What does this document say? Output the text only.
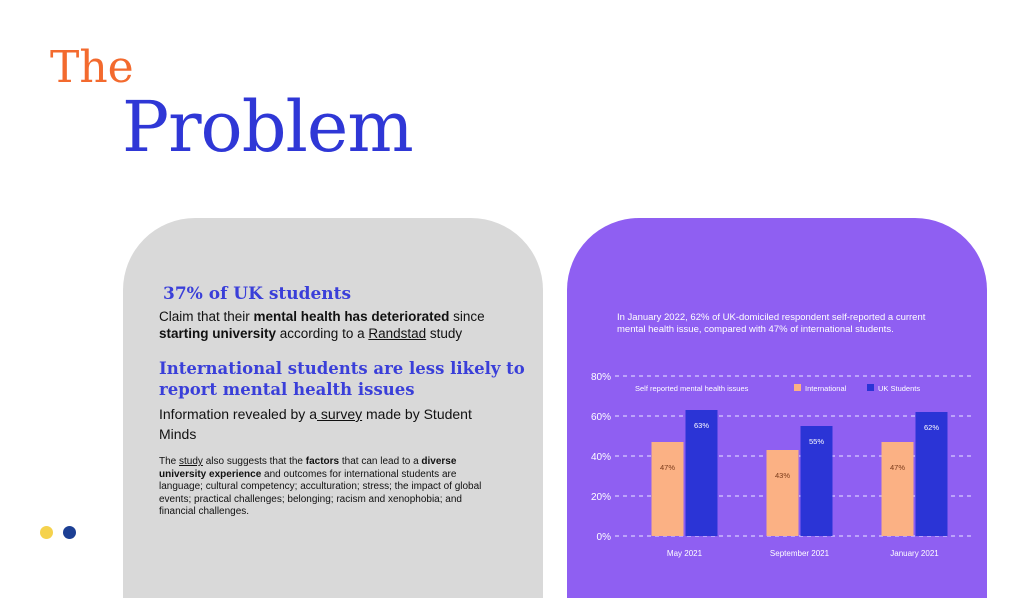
The
Problem
37% of UK students
Claim that their mental health has deteriorated since starting university according to a Randstad study
International students are less likely to report mental health issues
Information revealed by a survey made by Student Minds
The study also suggests that the factors that can lead to a diverse university experience and outcomes for international students are language; cultural competency; acculturation; stress; the impact of global events; practical challenges; belonging; racism and xenophobia; and financial challenges.
In January 2022, 62% of UK-domiciled respondent self-reported a current mental health issue, compared with 47% of international students.
0%
20%
40%
60%
80%
Self reported mental health issues	International	UK Students
47%
63%
May 2021
43%
55%
September 2021
47%
62%
January 2021
